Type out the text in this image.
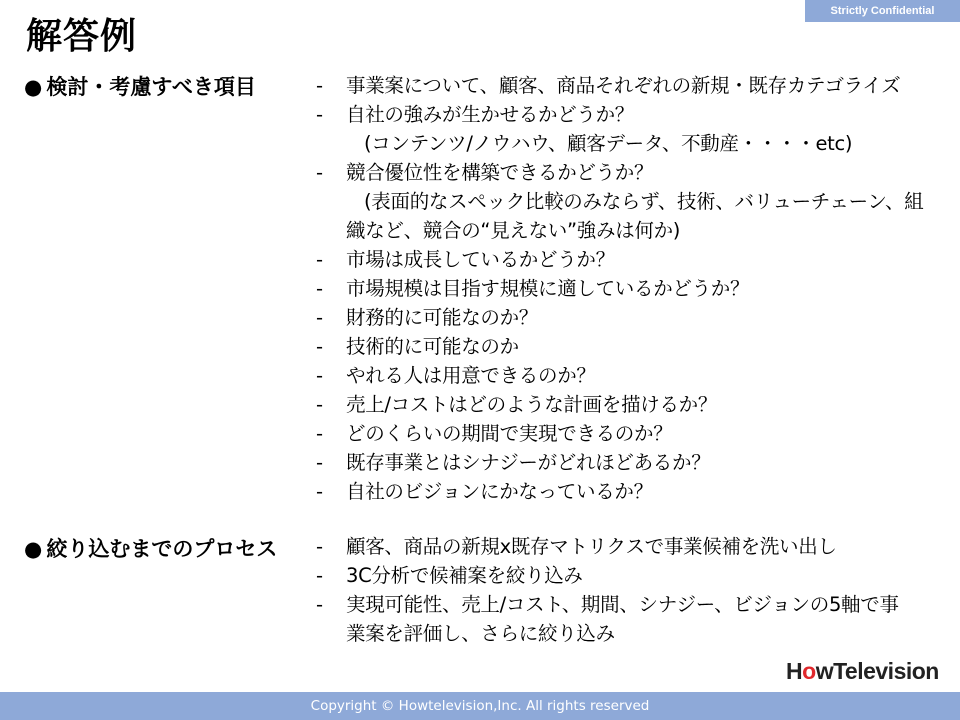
Strictly Confidential
解答例
● 検討・考慮すべき項目	- 事業案について、顧客、商品それぞれの新規・既存カテゴライズ
- 自社の強みが生かせるかどうか？
(コンテンツ/ノウハウ、顧客データ、不動産・・・・etc)
- 競合優位性を構築できるかどうか？
(表面的なスペック比較のみならず、技術、バリューチェーン、組
織など、競合の“見えない”強みは何か)
- 市場は成長しているかどうか？
- 市場規模は目指す規模に適しているかどうか？
- 財務的に可能なのか？
- 技術的に可能なのか
- やれる人は用意できるのか？
- 売上/コストはどのような計画を描けるか？
- どのくらいの期間で実現できるのか？
- 既存事業とはシナジーがどれほどあるか？
- 自社のビジョンにかなっているか？
● 絞り込むまでのプロセス	- 顧客、商品の新規x既存マトリクスで事業候補を洗い出し
- 3C分析で候補案を絞り込み
- 実現可能性、売上/コスト、期間、シナジー、ビジョンの5軸で事
業案を評価し、さらに絞り込み
HowTelevision
Copyright © Howtelevision,Inc. All rights reserved
